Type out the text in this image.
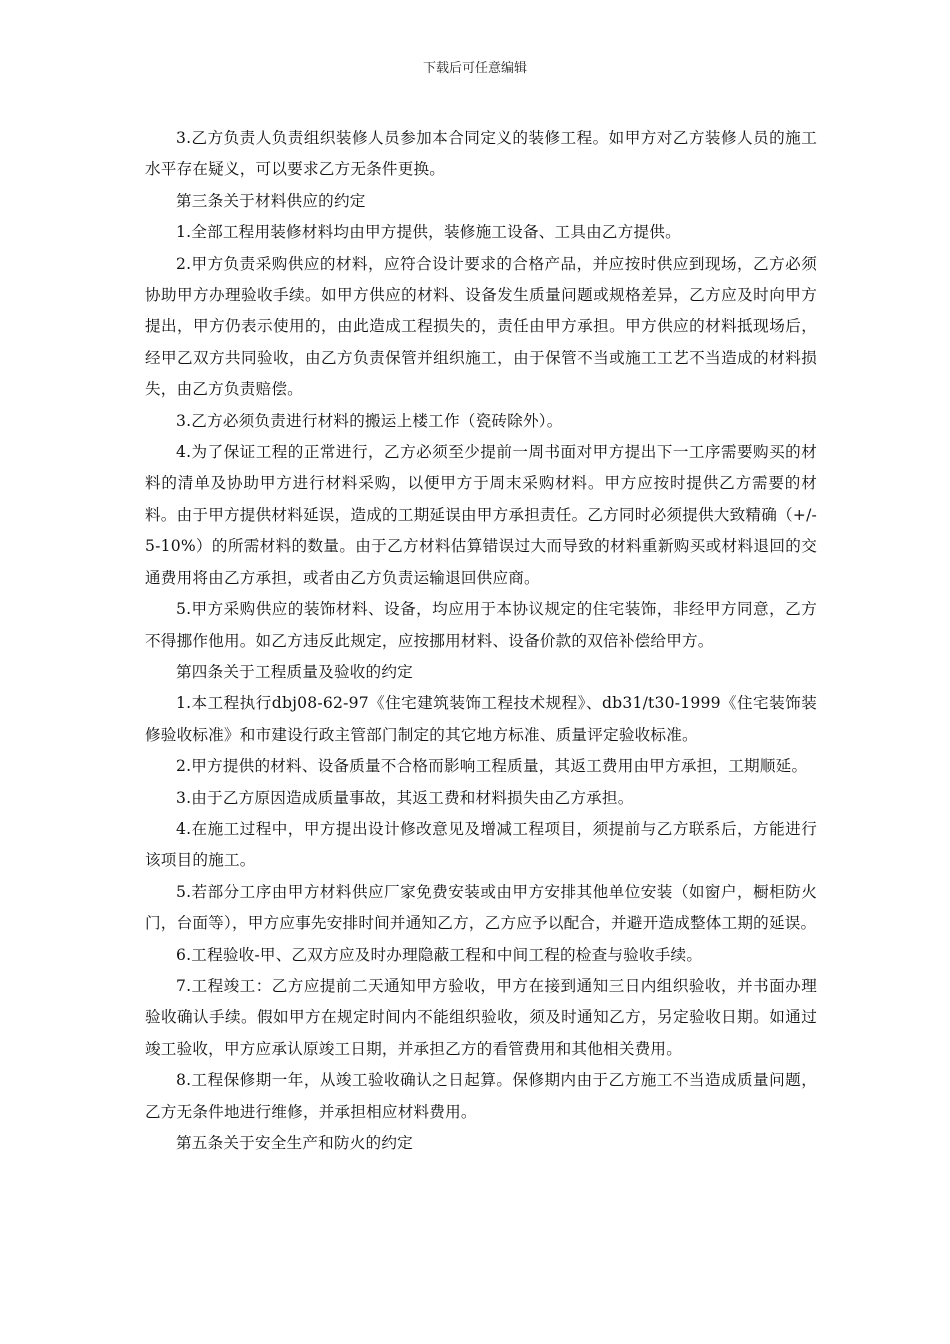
下载后可任意编辑

3.乙方负责人负责组织装修人员参加本合同定义的装修工程。如甲方对乙方装修人员的施工水平存在疑义，可以要求乙方无条件更换。

第三条关于材料供应的约定

1.全部工程用装修材料均由甲方提供，装修施工设备、工具由乙方提供。

2.甲方负责采购供应的材料，应符合设计要求的合格产品，并应按时供应到现场，乙方必须协助甲方办理验收手续。如甲方供应的材料、设备发生质量问题或规格差异，乙方应及时向甲方提出，甲方仍表示使用的，由此造成工程损失的，责任由甲方承担。甲方供应的材料抵现场后，经甲乙双方共同验收，由乙方负责保管并组织施工，由于保管不当或施工工艺不当造成的材料损失，由乙方负责赔偿。

3.乙方必须负责进行材料的搬运上楼工作（瓷砖除外）。

4.为了保证工程的正常进行，乙方必须至少提前一周书面对甲方提出下一工序需要购买的材料的清单及协助甲方进行材料采购，以便甲方于周末采购材料。甲方应按时提供乙方需要的材料。由于甲方提供材料延误，造成的工期延误由甲方承担责任。乙方同时必须提供大致精确（+/-5-10%）的所需材料的数量。由于乙方材料估算错误过大而导致的材料重新购买或材料退回的交通费用将由乙方承担，或者由乙方负责运输退回供应商。

5.甲方采购供应的装饰材料、设备，均应用于本协议规定的住宅装饰，非经甲方同意，乙方不得挪作他用。如乙方违反此规定，应按挪用材料、设备价款的双倍补偿给甲方。

第四条关于工程质量及验收的约定

1.本工程执行dbj08-62-97《住宅建筑装饰工程技术规程》、db31/t30-1999《住宅装饰装修验收标准》和市建设行政主管部门制定的其它地方标准、质量评定验收标准。

2.甲方提供的材料、设备质量不合格而影响工程质量，其返工费用由甲方承担，工期顺延。

3.由于乙方原因造成质量事故，其返工费和材料损失由乙方承担。

4.在施工过程中，甲方提出设计修改意见及增减工程项目，须提前与乙方联系后，方能进行该项目的施工。

5.若部分工序由甲方材料供应厂家免费安装或由甲方安排其他单位安装（如窗户，橱柜防火门，台面等），甲方应事先安排时间并通知乙方，乙方应予以配合，并避开造成整体工期的延误。

6.工程验收-甲、乙双方应及时办理隐蔽工程和中间工程的检查与验收手续。

7.工程竣工：乙方应提前二天通知甲方验收，甲方在接到通知三日内组织验收，并书面办理验收确认手续。假如甲方在规定时间内不能组织验收，须及时通知乙方，另定验收日期。如通过竣工验收，甲方应承认原竣工日期，并承担乙方的看管费用和其他相关费用。

8.工程保修期一年，从竣工验收确认之日起算。保修期内由于乙方施工不当造成质量问题，乙方无条件地进行维修，并承担相应材料费用。

第五条关于安全生产和防火的约定
